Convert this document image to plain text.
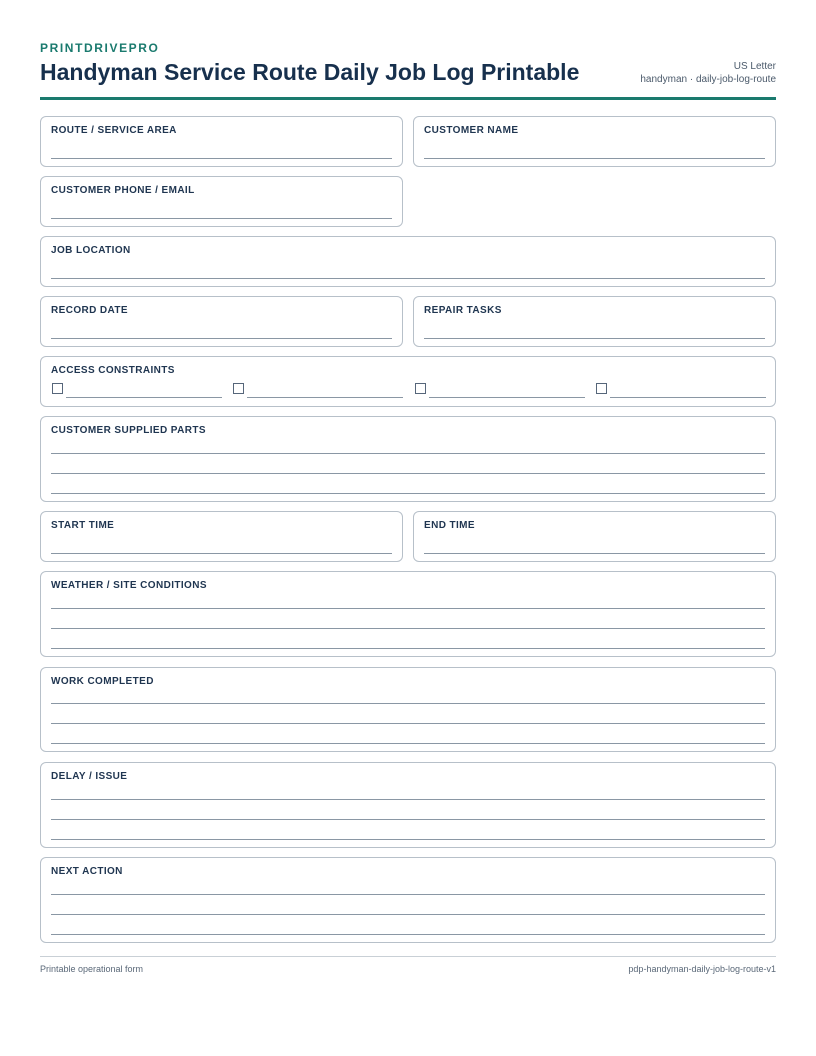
PRINTDRIVEPRO
Handyman Service Route Daily Job Log Printable	US Letter
handyman · daily-job-log-route
ROUTE / SERVICE AREA	CUSTOMER NAME
CUSTOMER PHONE / EMAIL
JOB LOCATION
RECORD DATE	REPAIR TASKS
ACCESS CONSTRAINTS
CUSTOMER SUPPLIED PARTS
START TIME	END TIME
WEATHER / SITE CONDITIONS
WORK COMPLETED
DELAY / ISSUE
NEXT ACTION
Printable operational form	pdp-handyman-daily-job-log-route-v1
